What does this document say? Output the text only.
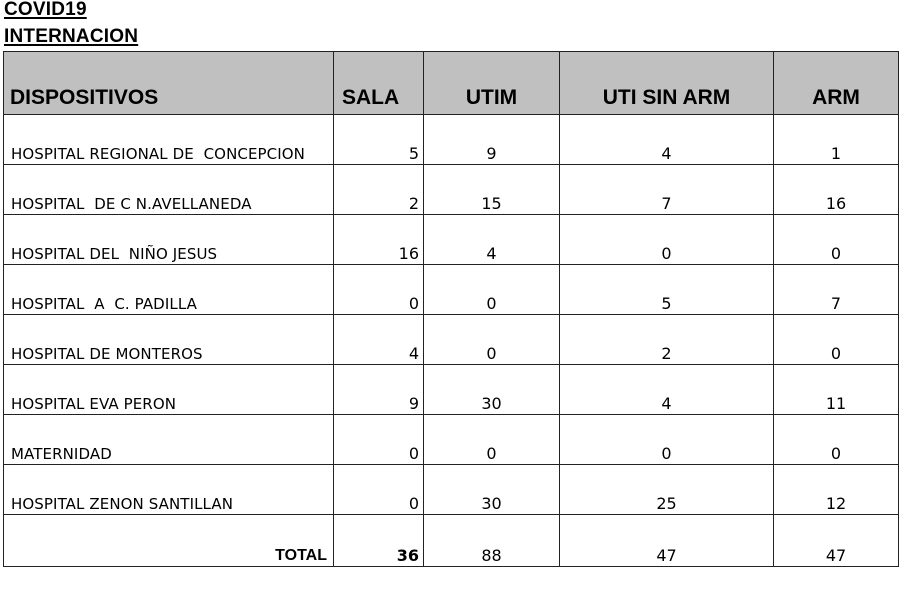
COVID19
INTERNACION
DISPOSITIVOS	SALA	UTIM	UTI SIN ARM	ARM
HOSPITAL REGIONAL DE  CONCEPCION	5	9	4	1
HOSPITAL  DE C N.AVELLANEDA	2	15	7	16
HOSPITAL DEL  NIÑO JESUS	16	4	0	0
HOSPITAL  A  C. PADILLA	0	0	5	7
HOSPITAL DE MONTEROS	4	0	2	0
HOSPITAL EVA PERON	9	30	4	11
MATERNIDAD	0	0	0	0
HOSPITAL ZENON SANTILLAN	0	30	25	12
TOTAL	36	88	47	47
